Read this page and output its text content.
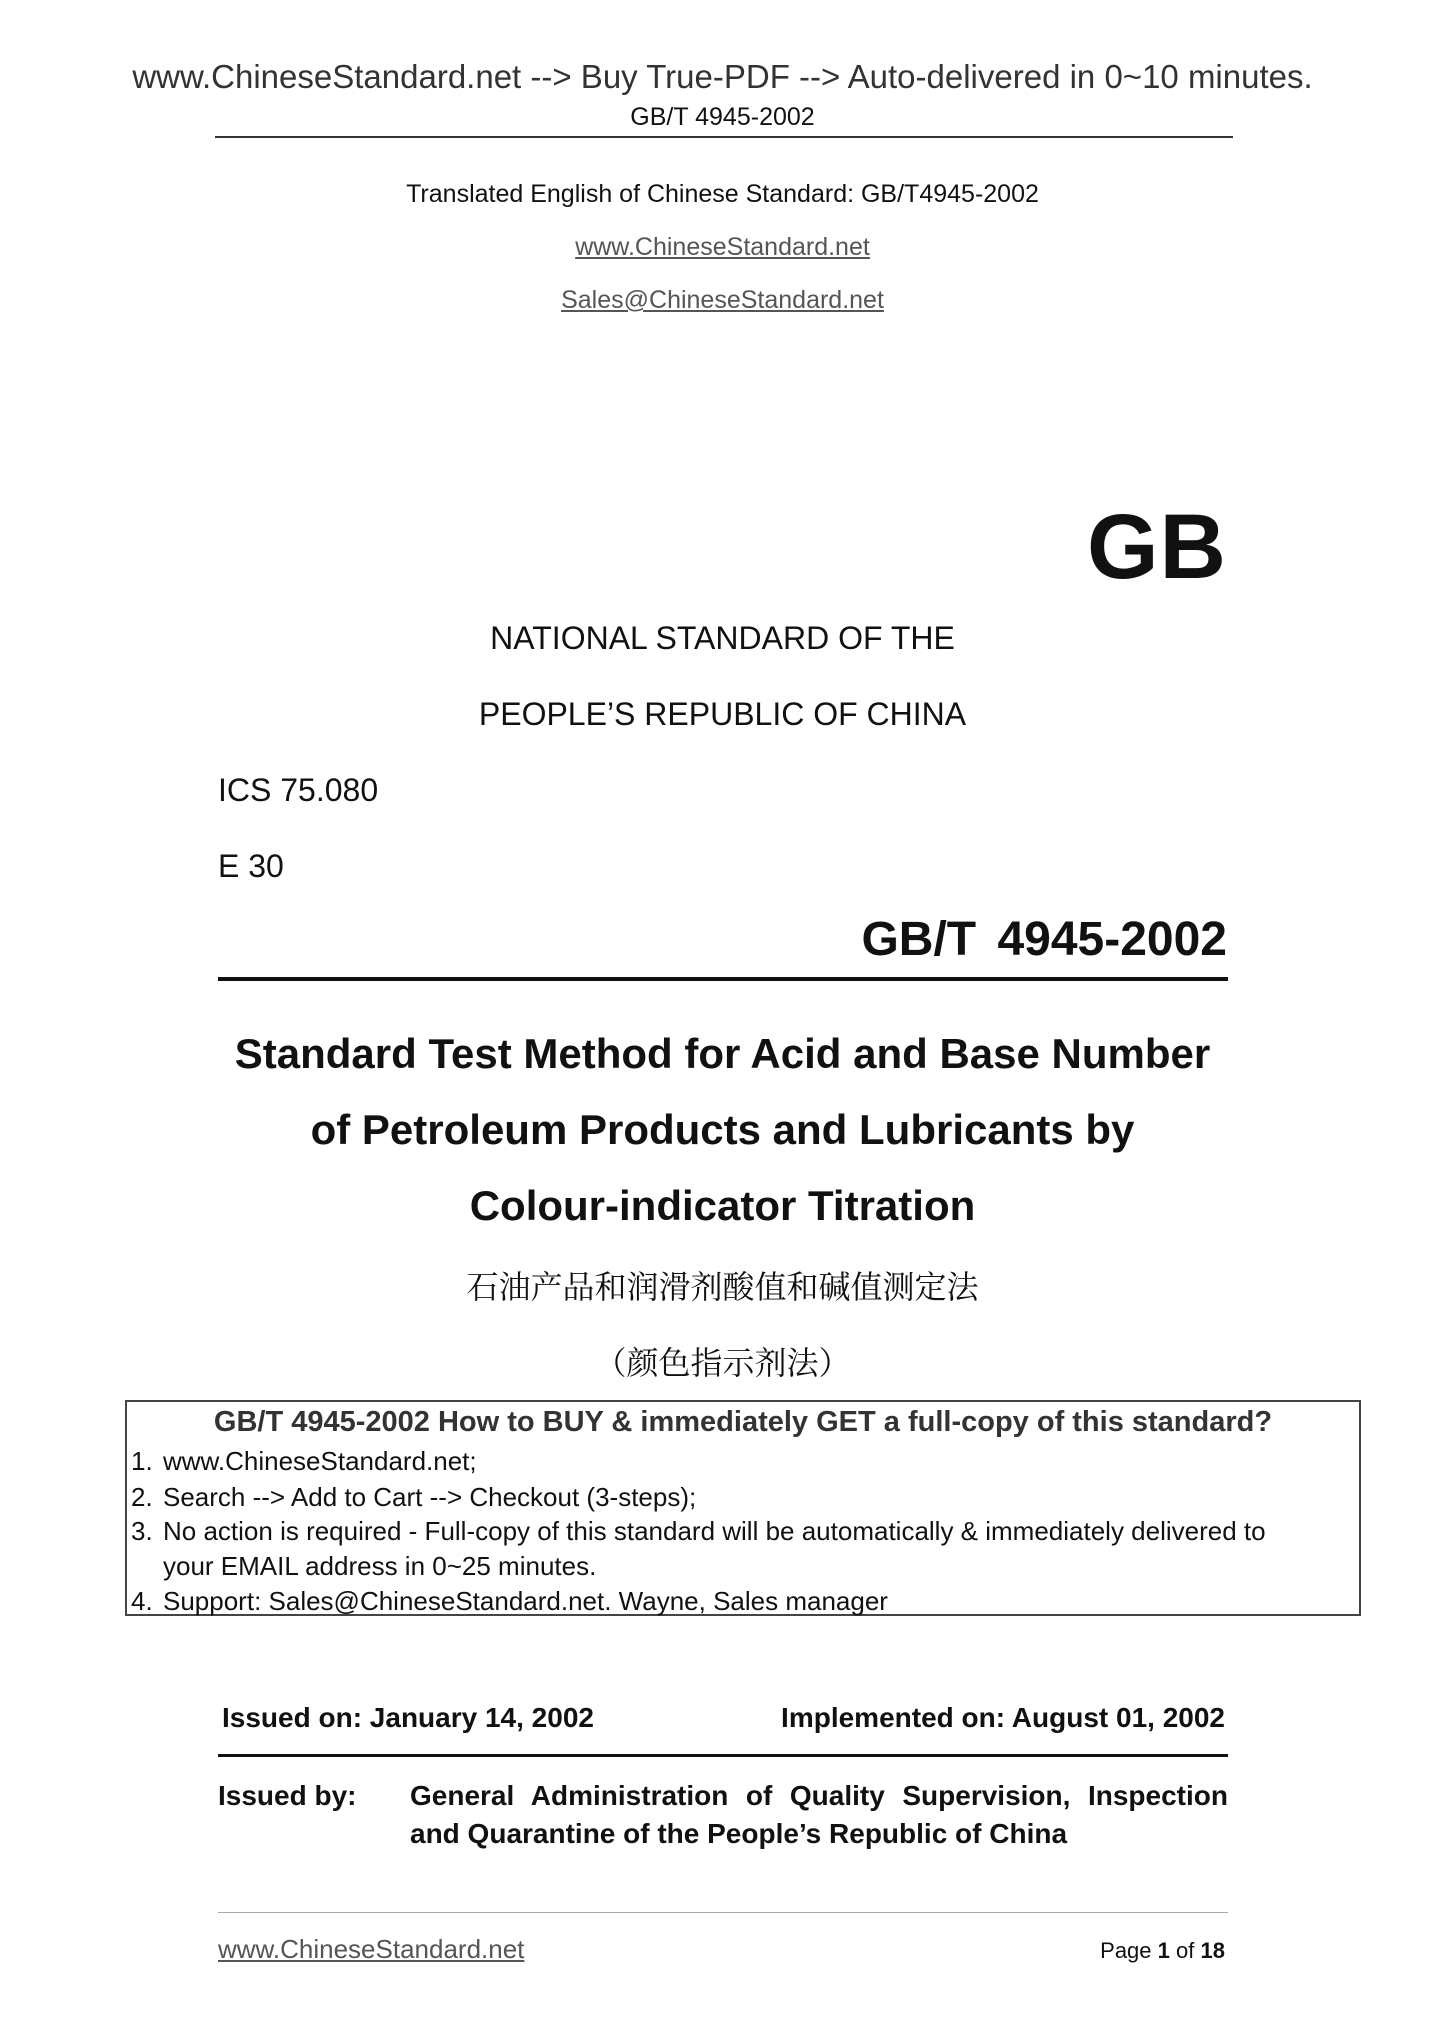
www.ChineseStandard.net --> Buy True-PDF --> Auto-delivered in 0~10 minutes.
GB/T 4945-2002
Translated English of Chinese Standard: GB/T4945-2002
www.ChineseStandard.net
Sales@ChineseStandard.net
GB
NATIONAL STANDARD OF THE
PEOPLE’S REPUBLIC OF CHINA
ICS 75.080
E 30
GB/T 4945-2002
Standard Test Method for Acid and Base Number
of Petroleum Products and Lubricants by
Colour-indicator Titration
石油产品和润滑剂酸值和碱值测定法
（颜色指示剂法）
GB/T 4945-2002 How to BUY & immediately GET a full-copy of this standard?
1. www.ChineseStandard.net;
2. Search --> Add to Cart --> Checkout (3-steps);
3. No action is required - Full-copy of this standard will be automatically & immediately delivered to
your EMAIL address in 0~25 minutes.
4. Support: Sales@ChineseStandard.net. Wayne, Sales manager
Issued on: January 14, 2002	Implemented on: August 01, 2002
Issued by: General Administration of Quality Supervision, Inspection
and Quarantine of the People’s Republic of China
www.ChineseStandard.net	Page 1 of 18
